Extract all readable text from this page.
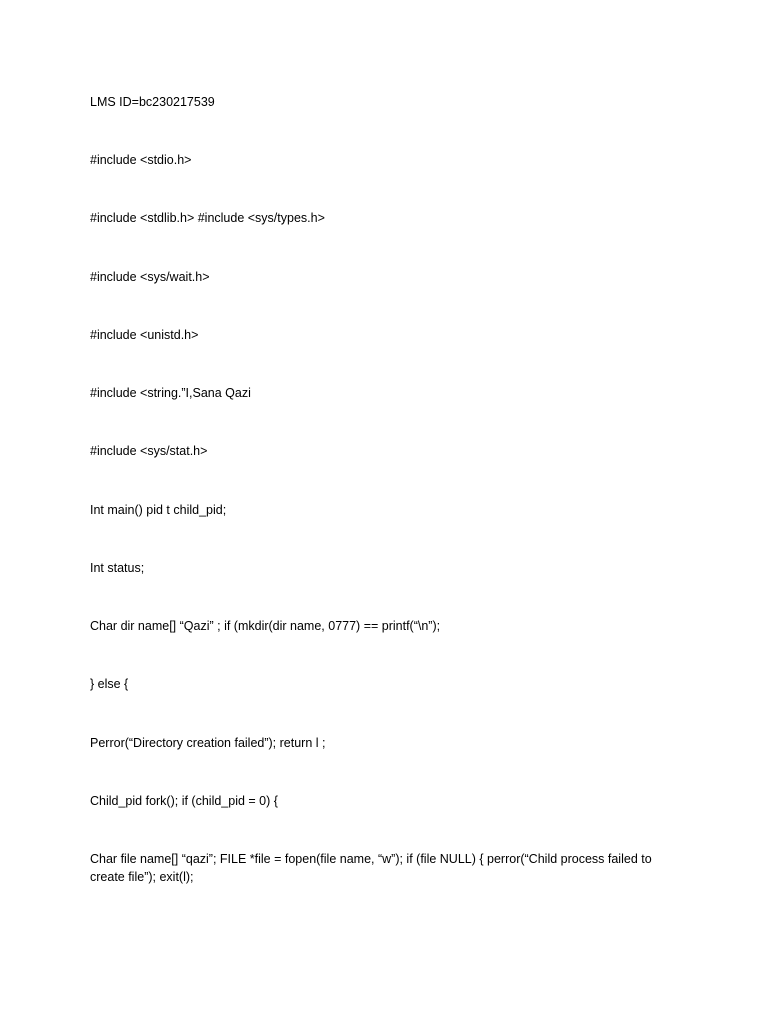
LMS ID=bc230217539

#include <stdio.h>

#include <stdlib.h> #include <sys/types.h>

#include <sys/wait.h>

#include <unistd.h>

#include <string.”I,Sana Qazi

#include <sys/stat.h>

Int main() pid t child_pid;

Int status;

Char dir name[] “Qazi” ; if (mkdir(dir name, 0777) == printf(“\n”);

} else {

Perror(“Directory creation failed”); return l ;

Child_pid fork(); if (child_pid = 0) {

Char file name[] “qazi”; FILE *file = fopen(file name, “w”); if (file NULL) { perror(“Child process failed to create file”); exit(l);
